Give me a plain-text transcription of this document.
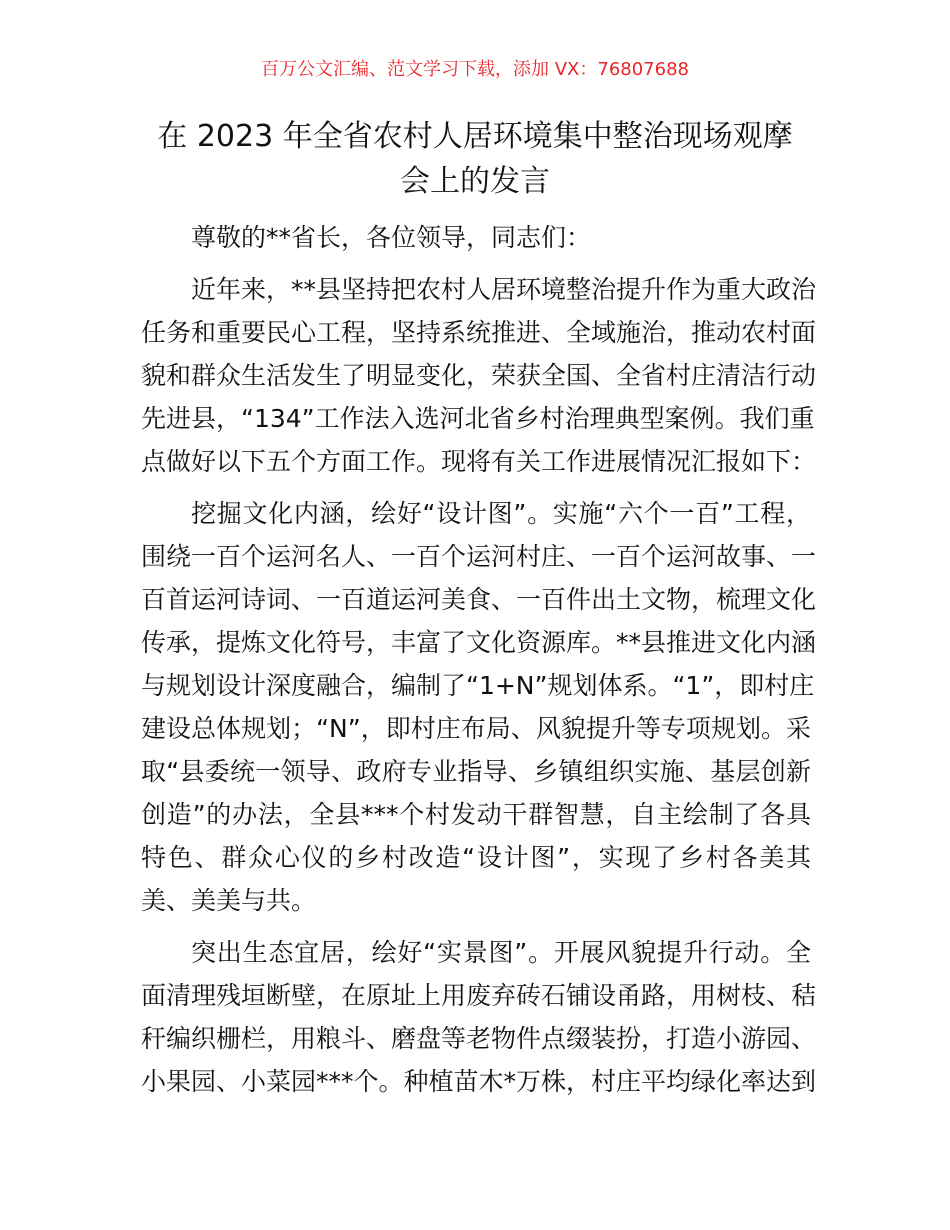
百万公文汇编、范文学习下载，添加 VX：76807688
在 2023 年全省农村人居环境集中整治现场观摩
会上的发言
尊敬的**省长，各位领导，同志们：
近年来，**县坚持把农村人居环境整治提升作为重大政治
任务和重要民心工程，坚持系统推进、全域施治，推动农村面
貌和群众生活发生了明显变化，荣获全国、全省村庄清洁行动
先进县，“134”工作法入选河北省乡村治理典型案例。我们重
点做好以下五个方面工作。现将有关工作进展情况汇报如下：
挖掘文化内涵，绘好“设计图”。实施“六个一百”工程，
围绕一百个运河名人、一百个运河村庄、一百个运河故事、一
百首运河诗词、一百道运河美食、一百件出土文物，梳理文化
传承，提炼文化符号，丰富了文化资源库。**县推进文化内涵
与规划设计深度融合，编制了“1+N”规划体系。“1”，即村庄
建设总体规划；“N”，即村庄布局、风貌提升等专项规划。采
取“县委统一领导、政府专业指导、乡镇组织实施、基层创新
创造”的办法，全县***个村发动干群智慧，自主绘制了各具
特色、群众心仪的乡村改造“设计图”，实现了乡村各美其
美、美美与共。
突出生态宜居，绘好“实景图”。开展风貌提升行动。全
面清理残垣断壁，在原址上用废弃砖石铺设甬路，用树枝、秸
秆编织栅栏，用粮斗、磨盘等老物件点缀装扮，打造小游园、
小果园、小菜园***个。种植苗木*万株，村庄平均绿化率达到
